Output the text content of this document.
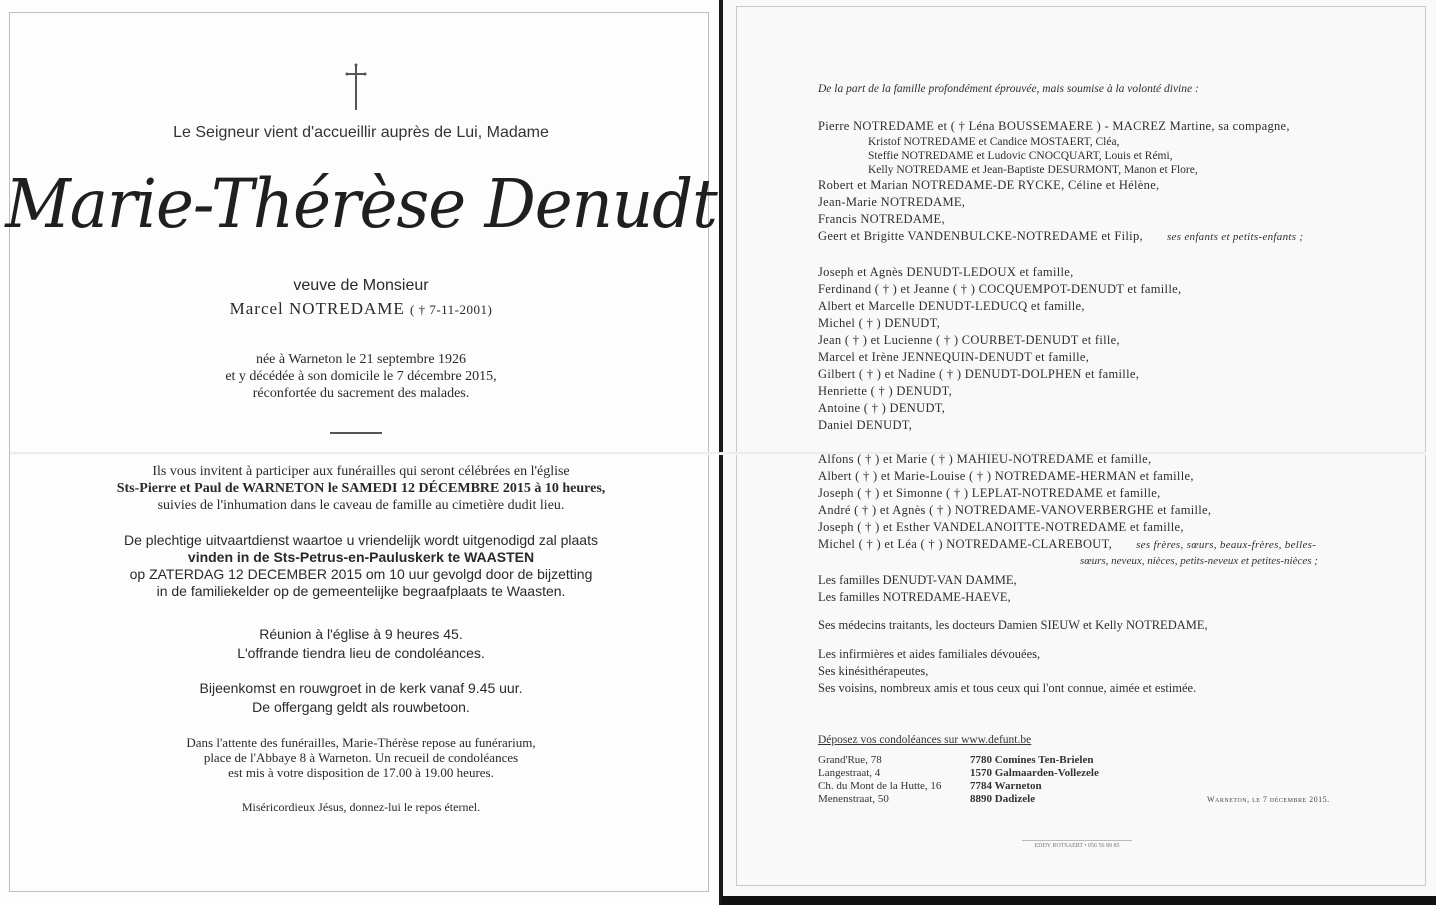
Le Seigneur vient d'accueillir auprès de Lui, Madame
Marie-Thérèse Denudt
veuve de Monsieur
Marcel NOTREDAME ( † 7-11-2001)
née à Warneton le 21 septembre 1926
et y décédée à son domicile le 7 décembre 2015,
réconfortée du sacrement des malades.
Ils vous invitent à participer aux funérailles qui seront célébrées en l'église
Sts-Pierre et Paul de WARNETON le SAMEDI 12 DÉCEMBRE 2015 à 10 heures,
suivies de l'inhumation dans le caveau de famille au cimetière dudit lieu.
De plechtige uitvaartdienst waartoe u vriendelijk wordt uitgenodigd zal plaats
vinden in de Sts-Petrus-en-Pauluskerk te WAASTEN
op ZATERDAG 12 DECEMBER 2015 om 10 uur gevolgd door de bijzetting
in de familiekelder op de gemeentelijke begraafplaats te Waasten.
Réunion à l'église à 9 heures 45.
L'offrande tiendra lieu de condoléances.
Bijeenkomst en rouwgroet in de kerk vanaf 9.45 uur.
De offergang geldt als rouwbetoon.
Dans l'attente des funérailles, Marie-Thérèse repose au funérarium,
place de l'Abbaye 8 à Warneton. Un recueil de condoléances
est mis à votre disposition de 17.00 à 19.00 heures.
Miséricordieux Jésus, donnez-lui le repos éternel.
De la part de la famille profondément éprouvée, mais soumise à la volonté divine :
Pierre NOTREDAME et ( † Léna BOUSSEMAERE ) - MACREZ Martine, sa compagne,
Kristof NOTREDAME et Candice MOSTAERT, Cléa,
Steffie NOTREDAME et Ludovic CNOCQUART, Louis et Rémi,
Kelly NOTREDAME et Jean-Baptiste DESURMONT, Manon et Flore,
Robert et Marian NOTREDAME-DE RYCKE, Céline et Hélène,
Jean-Marie NOTREDAME,
Francis NOTREDAME,
Geert et Brigitte VANDENBULCKE-NOTREDAME et Filip, ses enfants et petits-enfants ;
Joseph et Agnès DENUDT-LEDOUX et famille,
Ferdinand ( † ) et Jeanne ( † ) COCQUEMPOT-DENUDT et famille,
Albert et Marcelle DENUDT-LEDUCQ et famille,
Michel ( † ) DENUDT,
Jean ( † ) et Lucienne ( † ) COURBET-DENUDT et fille,
Marcel et Irène JENNEQUIN-DENUDT et famille,
Gilbert ( † ) et Nadine ( † ) DENUDT-DOLPHEN et famille,
Henriette ( † ) DENUDT,
Antoine ( † ) DENUDT,
Daniel DENUDT,
Alfons ( † ) et Marie ( † ) MAHIEU-NOTREDAME et famille,
Albert ( † ) et Marie-Louise ( † ) NOTREDAME-HERMAN et famille,
Joseph ( † ) et Simonne ( † ) LEPLAT-NOTREDAME et famille,
André ( † ) et Agnès ( † ) NOTREDAME-VANOVERBERGHE et famille,
Joseph ( † ) et Esther VANDELANOITTE-NOTREDAME et famille,
Michel ( † ) et Léa ( † ) NOTREDAME-CLAREBOUT, ses frères, sœurs, beaux-frères, belles-
sœurs, neveux, nièces, petits-neveux et petites-nièces ;
Les familles DENUDT-VAN DAMME,
Les familles NOTREDAME-HAEVE,
Ses médecins traitants, les docteurs Damien SIEUW et Kelly NOTREDAME,
Les infirmières et aides familiales dévouées,
Ses kinésithérapeutes,
Ses voisins, nombreux amis et tous ceux qui l'ont connue, aimée et estimée.
Déposez vos condoléances sur www.defunt.be
Grand'Rue, 78
Langestraat, 4
Ch. du Mont de la Hutte, 16
Menenstraat, 50
7780 Comines Ten-Brielen
1570 Galmaarden-Vollezele
7784 Warneton
8890 Dadizele	Warneton, le 7 décembre 2015.
EDDY ROTSAERT • 056 56 89 85
